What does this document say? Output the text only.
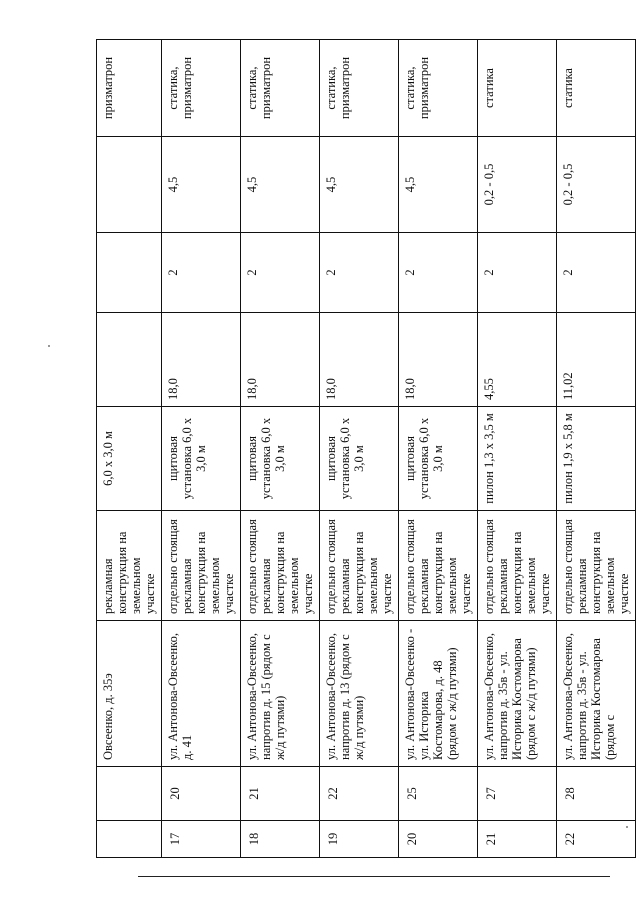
		Овсеенко, д. 35э	рекламная конструкция на земельном участке	6,0 х 3,0 м				призматрон
17	20	ул. Антонова-Овсеенко, д. 41	отдельно стоящая рекламная конструкция на земельном участке	щитовая установка 6,0 х 3,0 м	18,0	2	4,5	статика, призматрон
18	21	ул. Антонова-Овсеенко, напротив д. 15 (рядом с ж/д путями)	отдельно стоящая рекламная конструкция на земельном участке	щитовая установка 6,0 х 3,0 м	18,0	2	4,5	статика, призматрон
19	22	ул. Антонова-Овсеенко, напротив д. 13 (рядом с ж/д путями)	отдельно стоящая рекламная конструкция на земельном участке	щитовая установка 6,0 х 3,0 м	18,0	2	4,5	статика, призматрон
20	25	ул. Антонова-Овсеенко - ул. Историка Костомарова, д. 48 (рядом с ж/д путями)	отдельно стоящая рекламная конструкция на земельном участке	щитовая установка 6,0 х 3,0 м	18,0	2	4,5	статика, призматрон
21	27	ул. Антонова-Овсеенко, напротив д. 35в - ул. Историка Костомарова (рядом с ж/д путями)	отдельно стоящая рекламная конструкция на земельном участке	пилон 1,3 х 3,5 м	4,55	2	0,2 - 0,5	статика
22	28	ул. Антонова-Овсеенко, напротив д. 35в - ул. Историка Костомарова (рядом с	отдельно стоящая рекламная конструкция на земельном участке	пилон 1,9 х 5,8 м	11,02	2	0,2 - 0,5	статика
